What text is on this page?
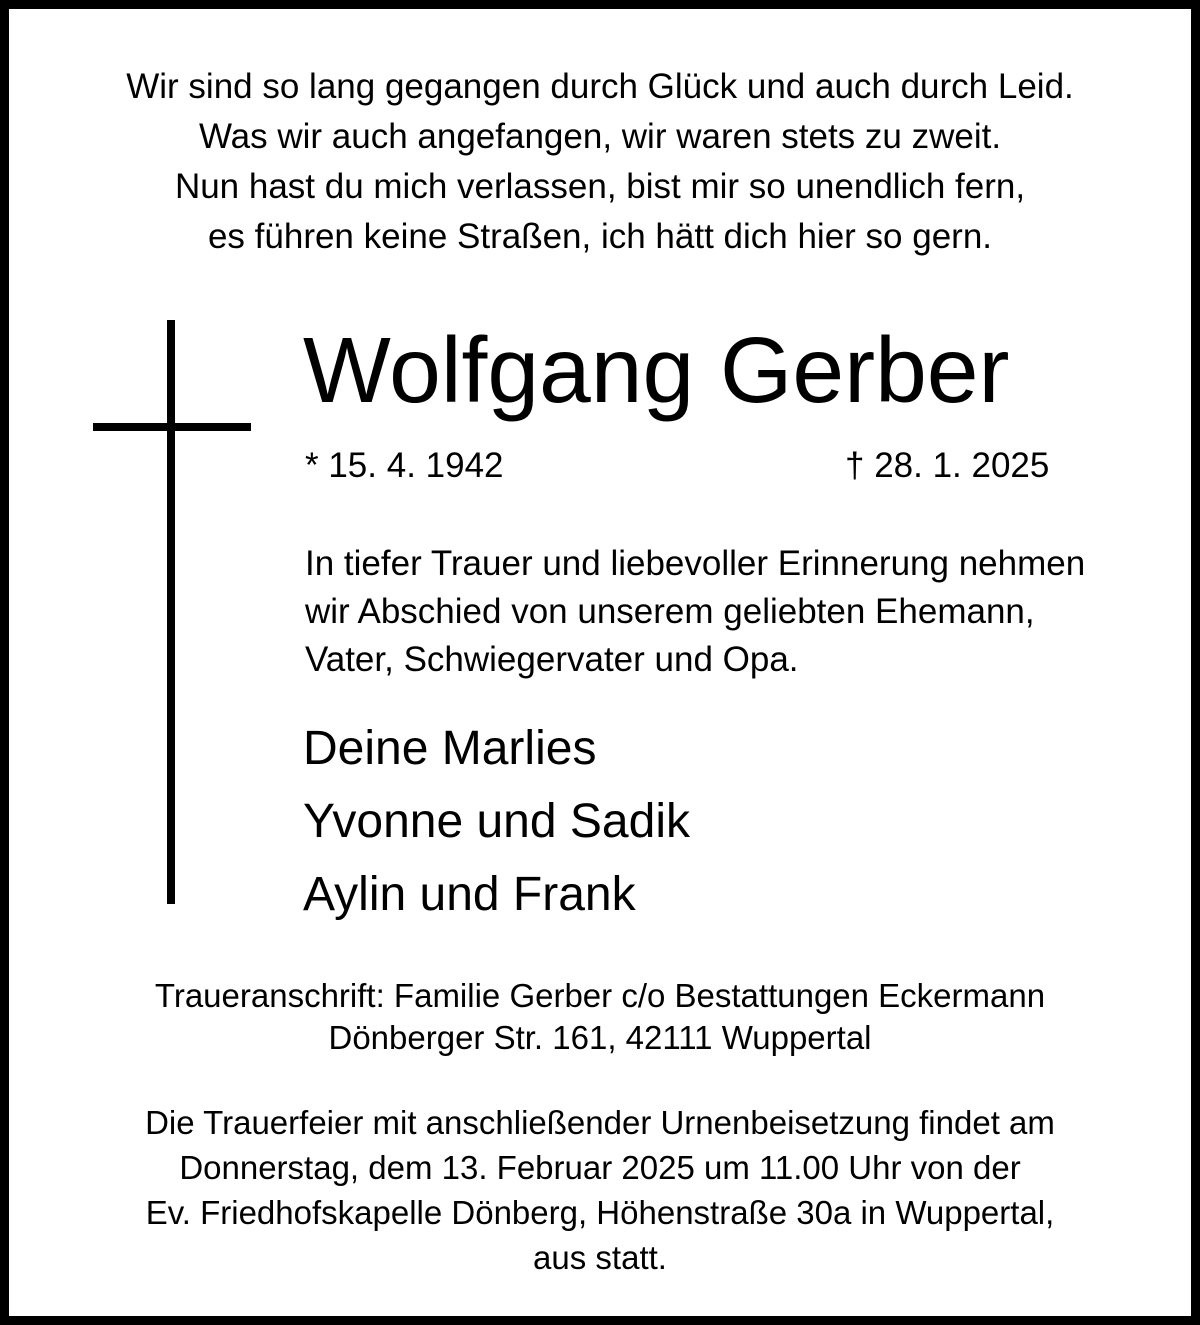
Wir sind so lang gegangen durch Glück und auch durch Leid.
Was wir auch angefangen, wir waren stets zu zweit.
Nun hast du mich verlassen, bist mir so unendlich fern,
es führen keine Straßen, ich hätt dich hier so gern.
Wolfgang Gerber
* 15. 4. 1942	† 28. 1. 2025
In tiefer Trauer und liebevoller Erinnerung nehmen
wir Abschied von unserem geliebten Ehemann,
Vater, Schwiegervater und Opa.
Deine Marlies
Yvonne und Sadik
Aylin und Frank
Traueranschrift: Familie Gerber c/o Bestattungen Eckermann
Dönberger Str. 161, 42111 Wuppertal
Die Trauerfeier mit anschließender Urnenbeisetzung findet am
Donnerstag, dem 13. Februar 2025 um 11.00 Uhr von der
Ev. Friedhofskapelle Dönberg, Höhenstraße 30a in Wuppertal,
aus statt.
